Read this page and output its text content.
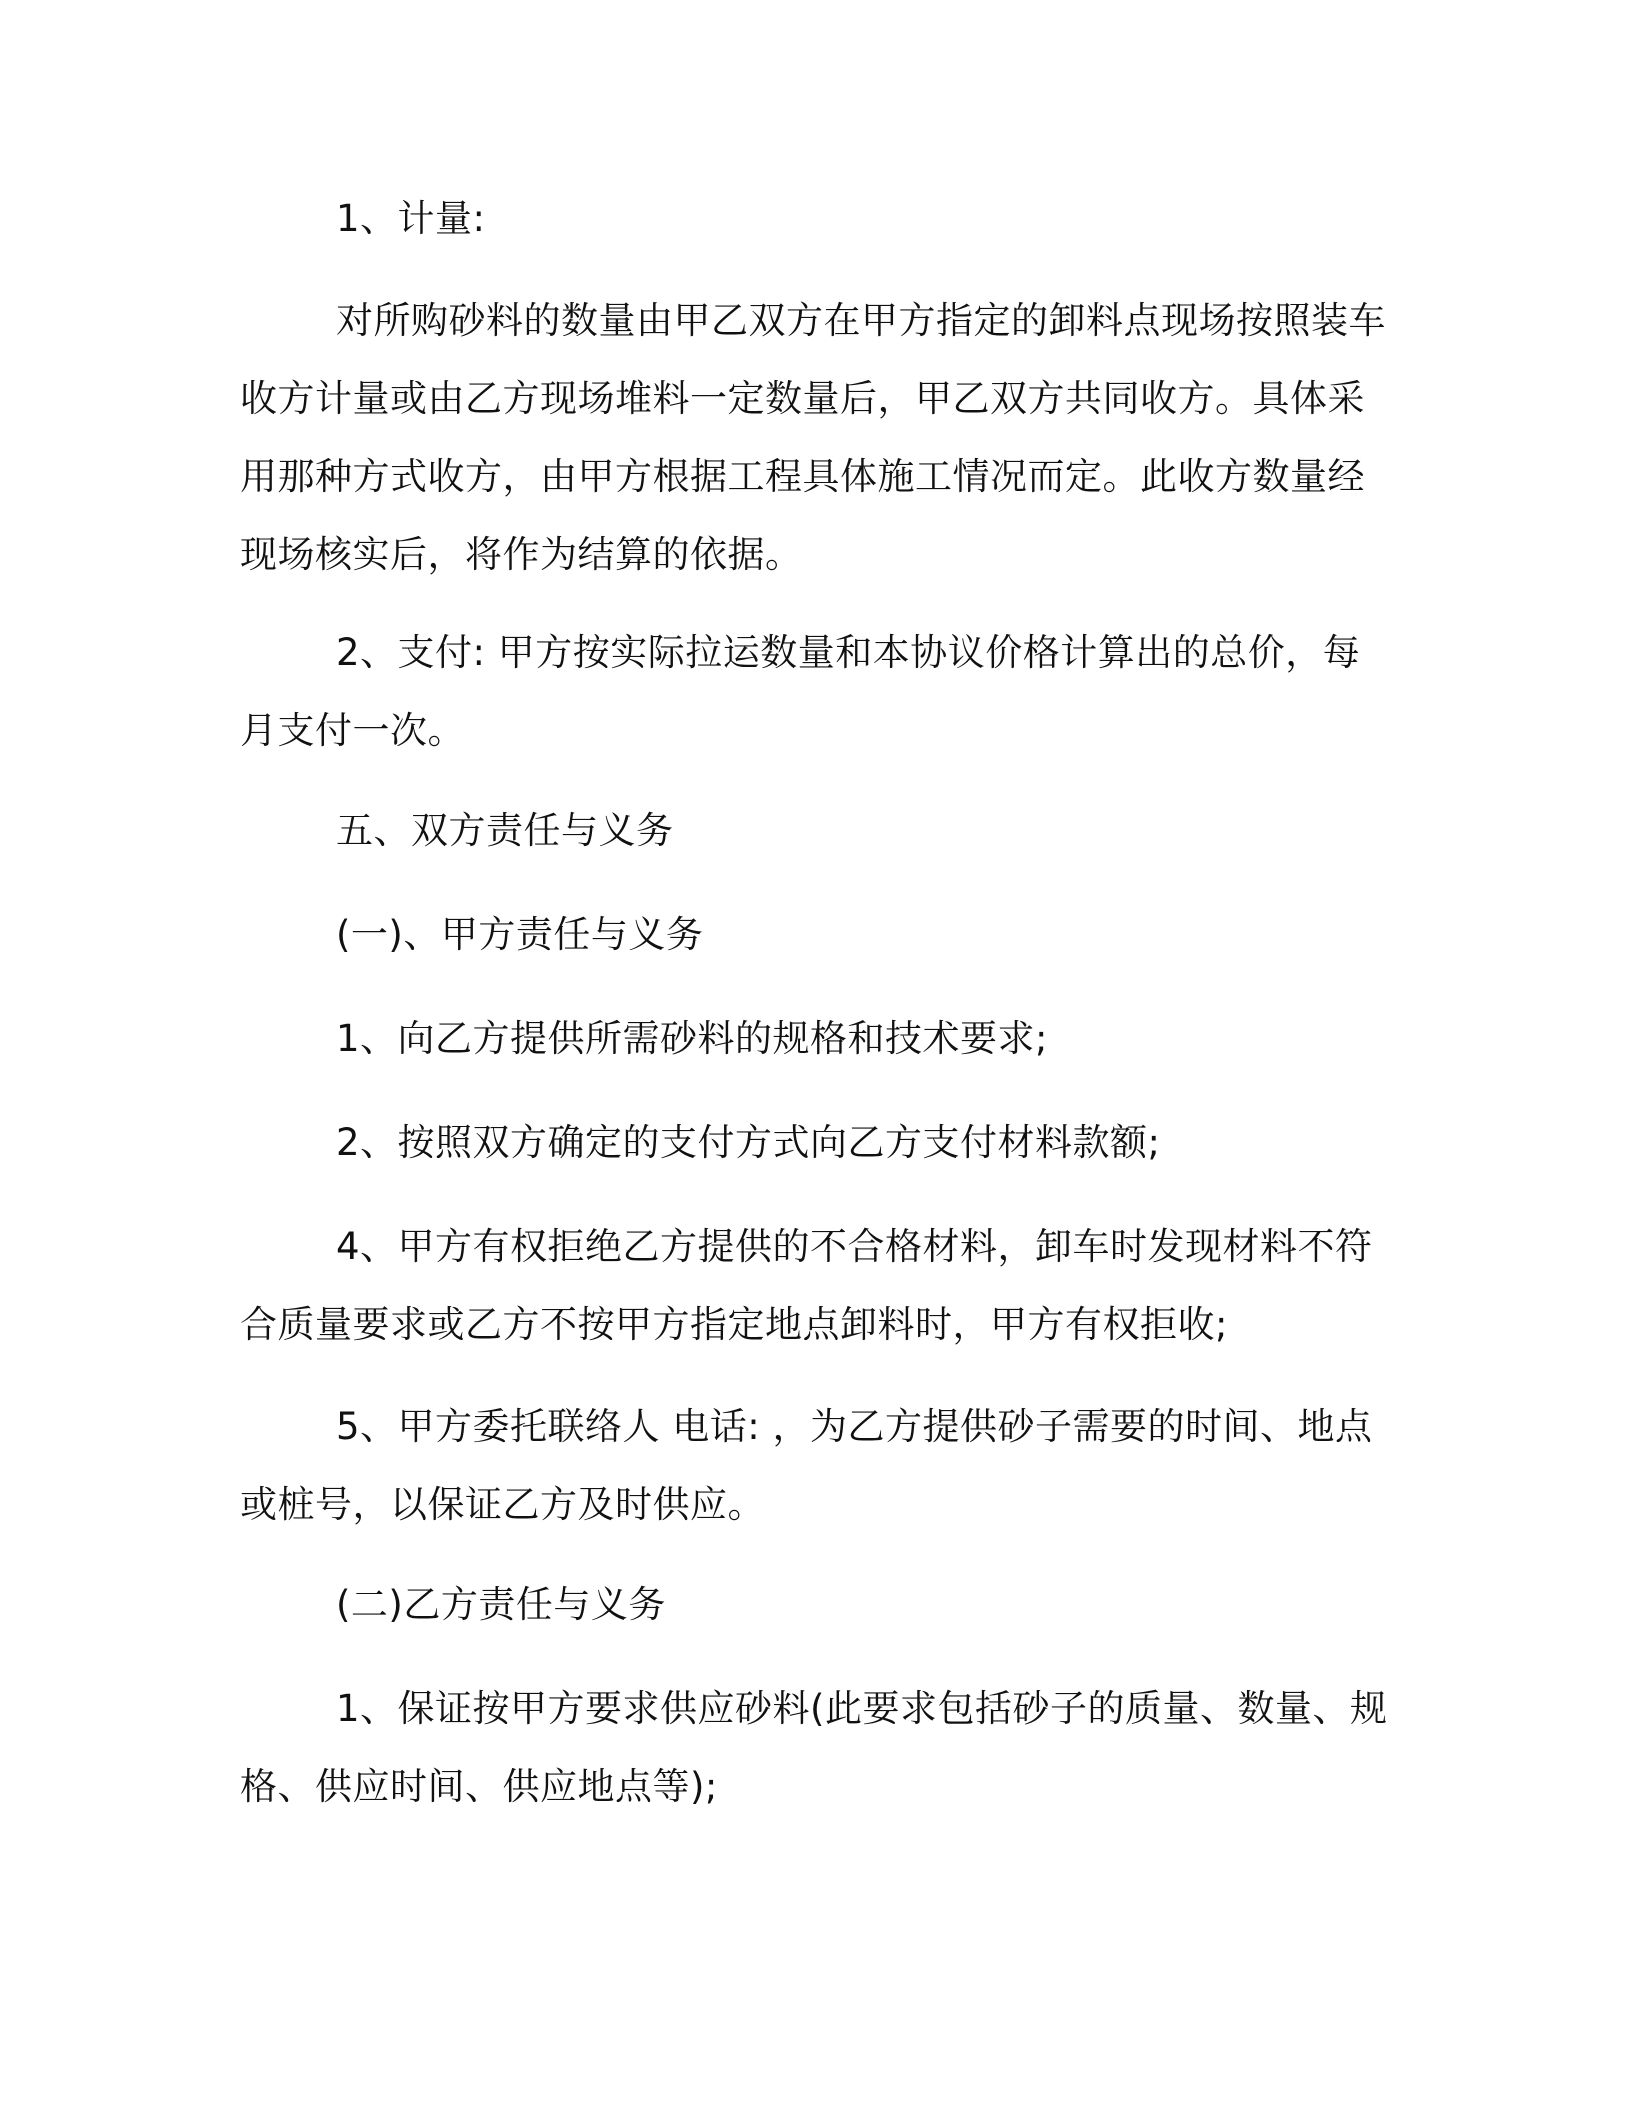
1、计量:
对所购砂料的数量由甲乙双方在甲方指定的卸料点现场按照装车
收方计量或由乙方现场堆料一定数量后，甲乙双方共同收方。具体采
用那种方式收方，由甲方根据工程具体施工情况而定。此收方数量经
现场核实后，将作为结算的依据。
2、支付: 甲方按实际拉运数量和本协议价格计算出的总价，每
月支付一次。
五、双方责任与义务
(一)、甲方责任与义务
1、向乙方提供所需砂料的规格和技术要求;
2、按照双方确定的支付方式向乙方支付材料款额;
4、甲方有权拒绝乙方提供的不合格材料，卸车时发现材料不符
合质量要求或乙方不按甲方指定地点卸料时，甲方有权拒收;
5、甲方委托联络人 电话: ，为乙方提供砂子需要的时间、地点
或桩号，以保证乙方及时供应。
(二)乙方责任与义务
1、保证按甲方要求供应砂料(此要求包括砂子的质量、数量、规
格、供应时间、供应地点等);
